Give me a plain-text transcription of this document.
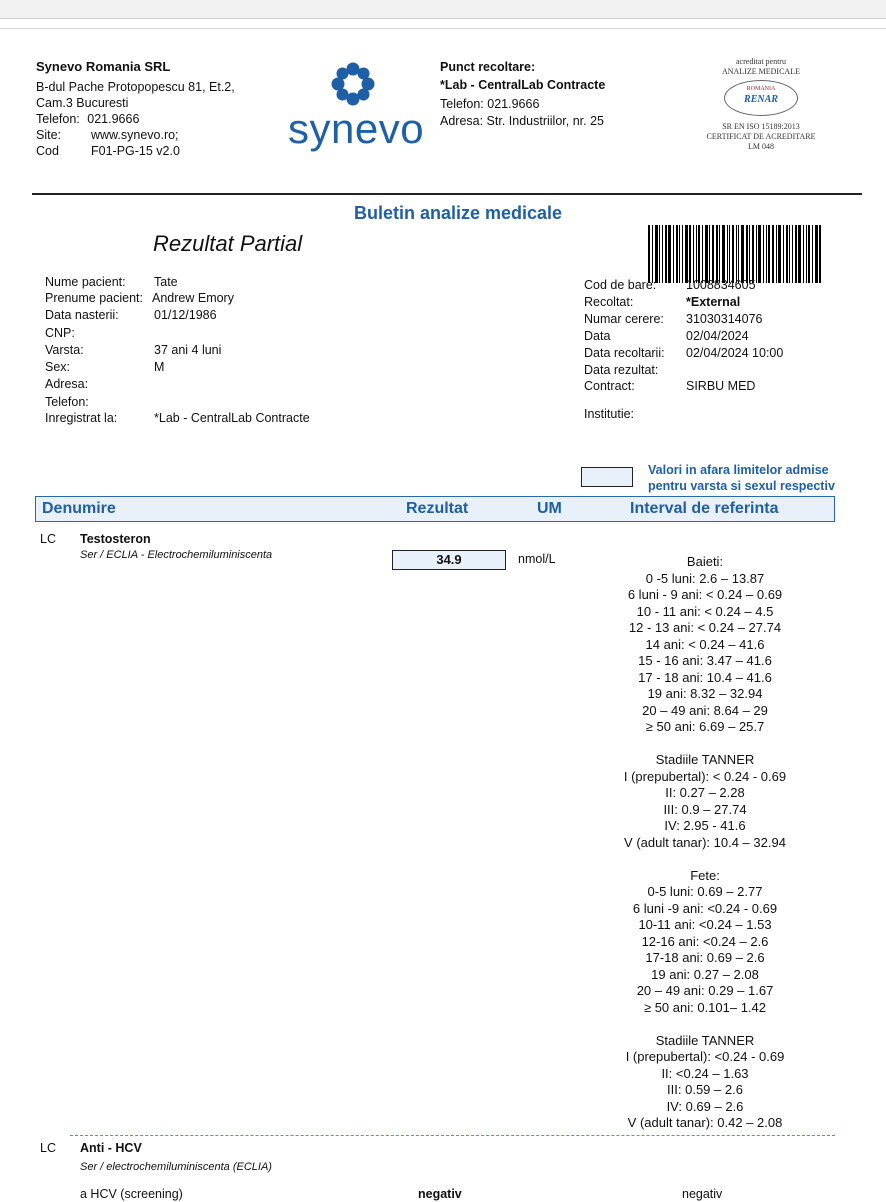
Synevo Romania SRL
B-dul Pache Protopopescu 81, Et.2,
Cam.3 Bucuresti
Telefon: 021.9666
Site: www.synevo.ro;
Cod	F01-PG-15 v2.0	synevo
Punct recoltare:
*Lab - CentralLab Contracte
Telefon: 021.9666
Adresa: Str. Industriilor, nr. 25
acreditat pentru
ANALIZE MEDICALE
ROMANIA
RENAR
SR EN ISO 15189:2013
CERTIFICAT DE ACREDITARE
LM 048
Buletin analize medicale
Rezultat Partial
Nume pacient: Tate
Prenume pacient: Andrew Emory
Data nasterii:	01/12/1986
CNP:
Varsta:	37 ani 4 luni
Sex:	M
Adresa:
Telefon:
Inregistrat la:	*Lab - CentralLab Contracte
Cod de bare: 1008834605
Recoltat:	*External
Numar cerere: 31030314076
Data	02/04/2024
Data recoltarii: 02/04/2024 10:00
Data rezultat:
Contract:	SIRBU MED
Institutie:
Valori in afara limitelor admise
pentru varsta si sexul respectiv
Denumire	Rezultat	UM	Interval de referinta
LC Testosteron
Ser / ECLIA - Electrochemiluminiscenta	34.9	nmol/L	Baieti:
0 -5 luni: 2.6 – 13.87
6 luni - 9 ani: < 0.24 – 0.69
10 - 11 ani: < 0.24 – 4.5
12 - 13 ani: < 0.24 – 27.74
14 ani: < 0.24 – 41.6
15 - 16 ani: 3.47 – 41.6
17 - 18 ani: 10.4 – 41.6
19 ani: 8.32 – 32.94
20 – 49 ani: 8.64 – 29
≥ 50 ani: 6.69 – 25.7
Stadiile TANNER
I (prepubertal): < 0.24 - 0.69
II: 0.27 – 2.28
III: 0.9 – 27.74
IV: 2.95 - 41.6
V (adult tanar): 10.4 – 32.94
Fete:
0-5 luni: 0.69 – 2.77
6 luni -9 ani: <0.24 - 0.69
10-11 ani: <0.24 – 1.53
12-16 ani: <0.24 – 2.6
17-18 ani: 0.69 – 2.6
19 ani: 0.27 – 2.08
20 – 49 ani: 0.29 – 1.67
≥ 50 ani: 0.101– 1.42
Stadiile TANNER
I (prepubertal): <0.24 - 0.69
II: <0.24 – 1.63
III: 0.59 – 2.6
IV: 0.69 – 2.6
V (adult tanar): 0.42 – 2.08
LC Anti - HCV
Ser / electrochemiluminiscenta (ECLIA)
a HCV (screening)	negativ	negativ
